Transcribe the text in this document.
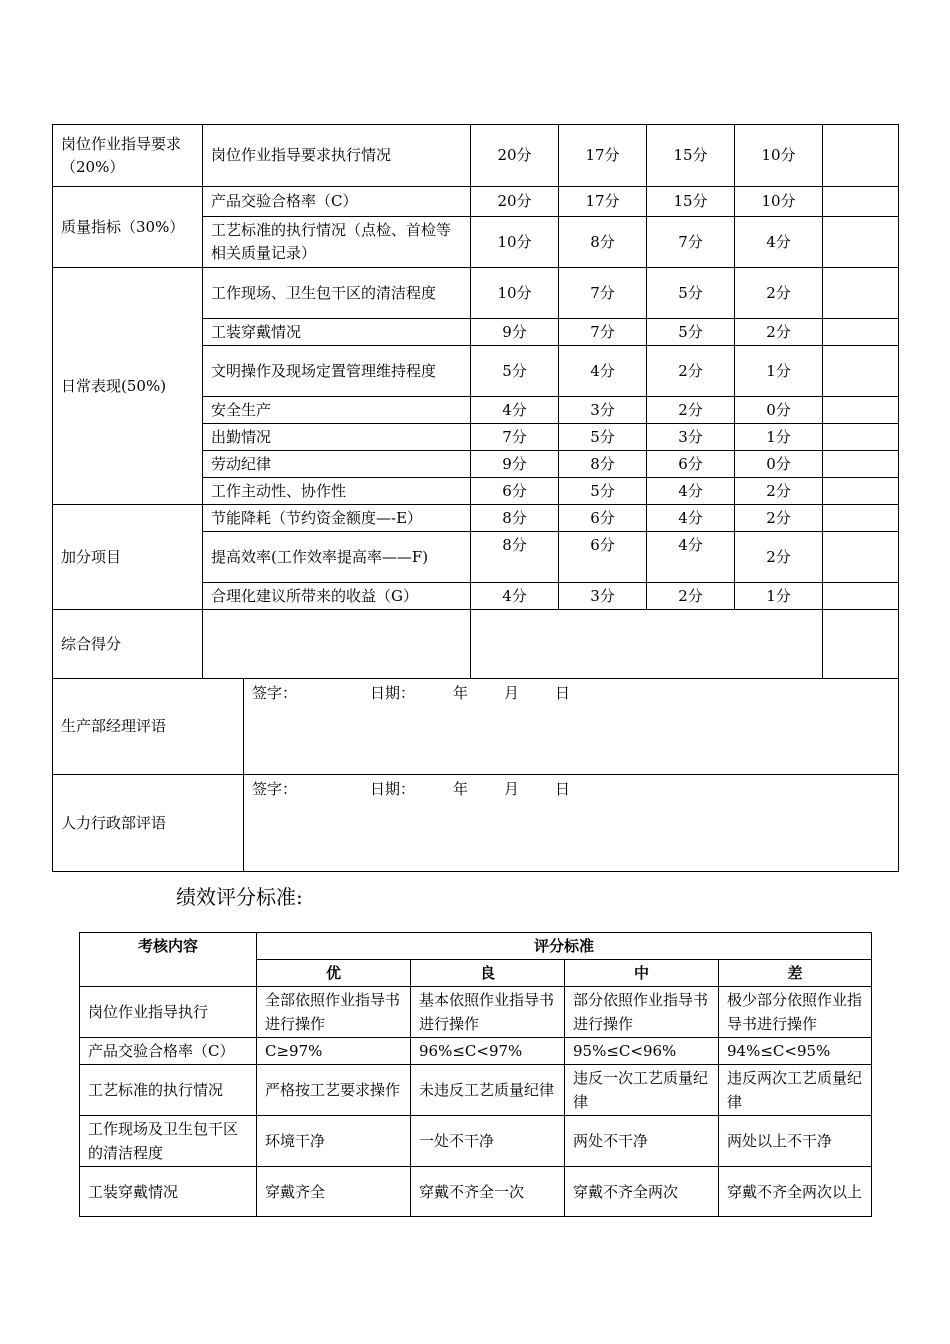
岗位作业指导要求（20%）	岗位作业指导要求执行情况		20分	17分	15分	10分	
质量指标（30%）	产品交验合格率（C）		20分	17分	15分	10分	
	工艺标准的执行情况（点检、首检等相关质量记录）		10分	8分	7分	4分	
日常表现(50%)	工作现场、卫生包干区的清洁程度		10分	7分	5分	2分	
	工装穿戴情况		9分	7分	5分	2分	
	文明操作及现场定置管理维持程度		5分	4分	2分	1分	
	安全生产		4分	3分	2分	0分	
	出勤情况		7分	5分	3分	1分	
	劳动纪律		9分	8分	6分	0分	
	工作主动性、协作性		6分	5分	4分	2分	
加分项目	节能降耗（节约资金额度—-E）		8分	6分	4分	2分	
	提高效率(工作效率提高率——F)		8分	6分	4分	2分	
	合理化建议所带来的收益（G）		4分	3分	2分	1分	
综合得分							
生产部经理评语		签字： 日期： 年 月 日					

人力行政部评语		签字： 日期： 年 月 日					
绩效评分标准:
考核内容	评分标准			
	优	良	中	差
岗位作业指导执行	全部依照作业指导书进行操作	基本依照作业指导书进行操作	部分依照作业指导书进行操作	极少部分依照作业指导书进行操作
产品交验合格率（C）	C≥97%	96%≤C<97%	95%≤C<96%	94%≤C<95%
工艺标准的执行情况	严格按工艺要求操作	未违反工艺质量纪律	违反一次工艺质量纪律	违反两次工艺质量纪律
工作现场及卫生包干区的清洁程度	环境干净	一处不干净	两处不干净	两处以上不干净
工装穿戴情况	穿戴齐全	穿戴不齐全一次	穿戴不齐全两次	穿戴不齐全两次以上
